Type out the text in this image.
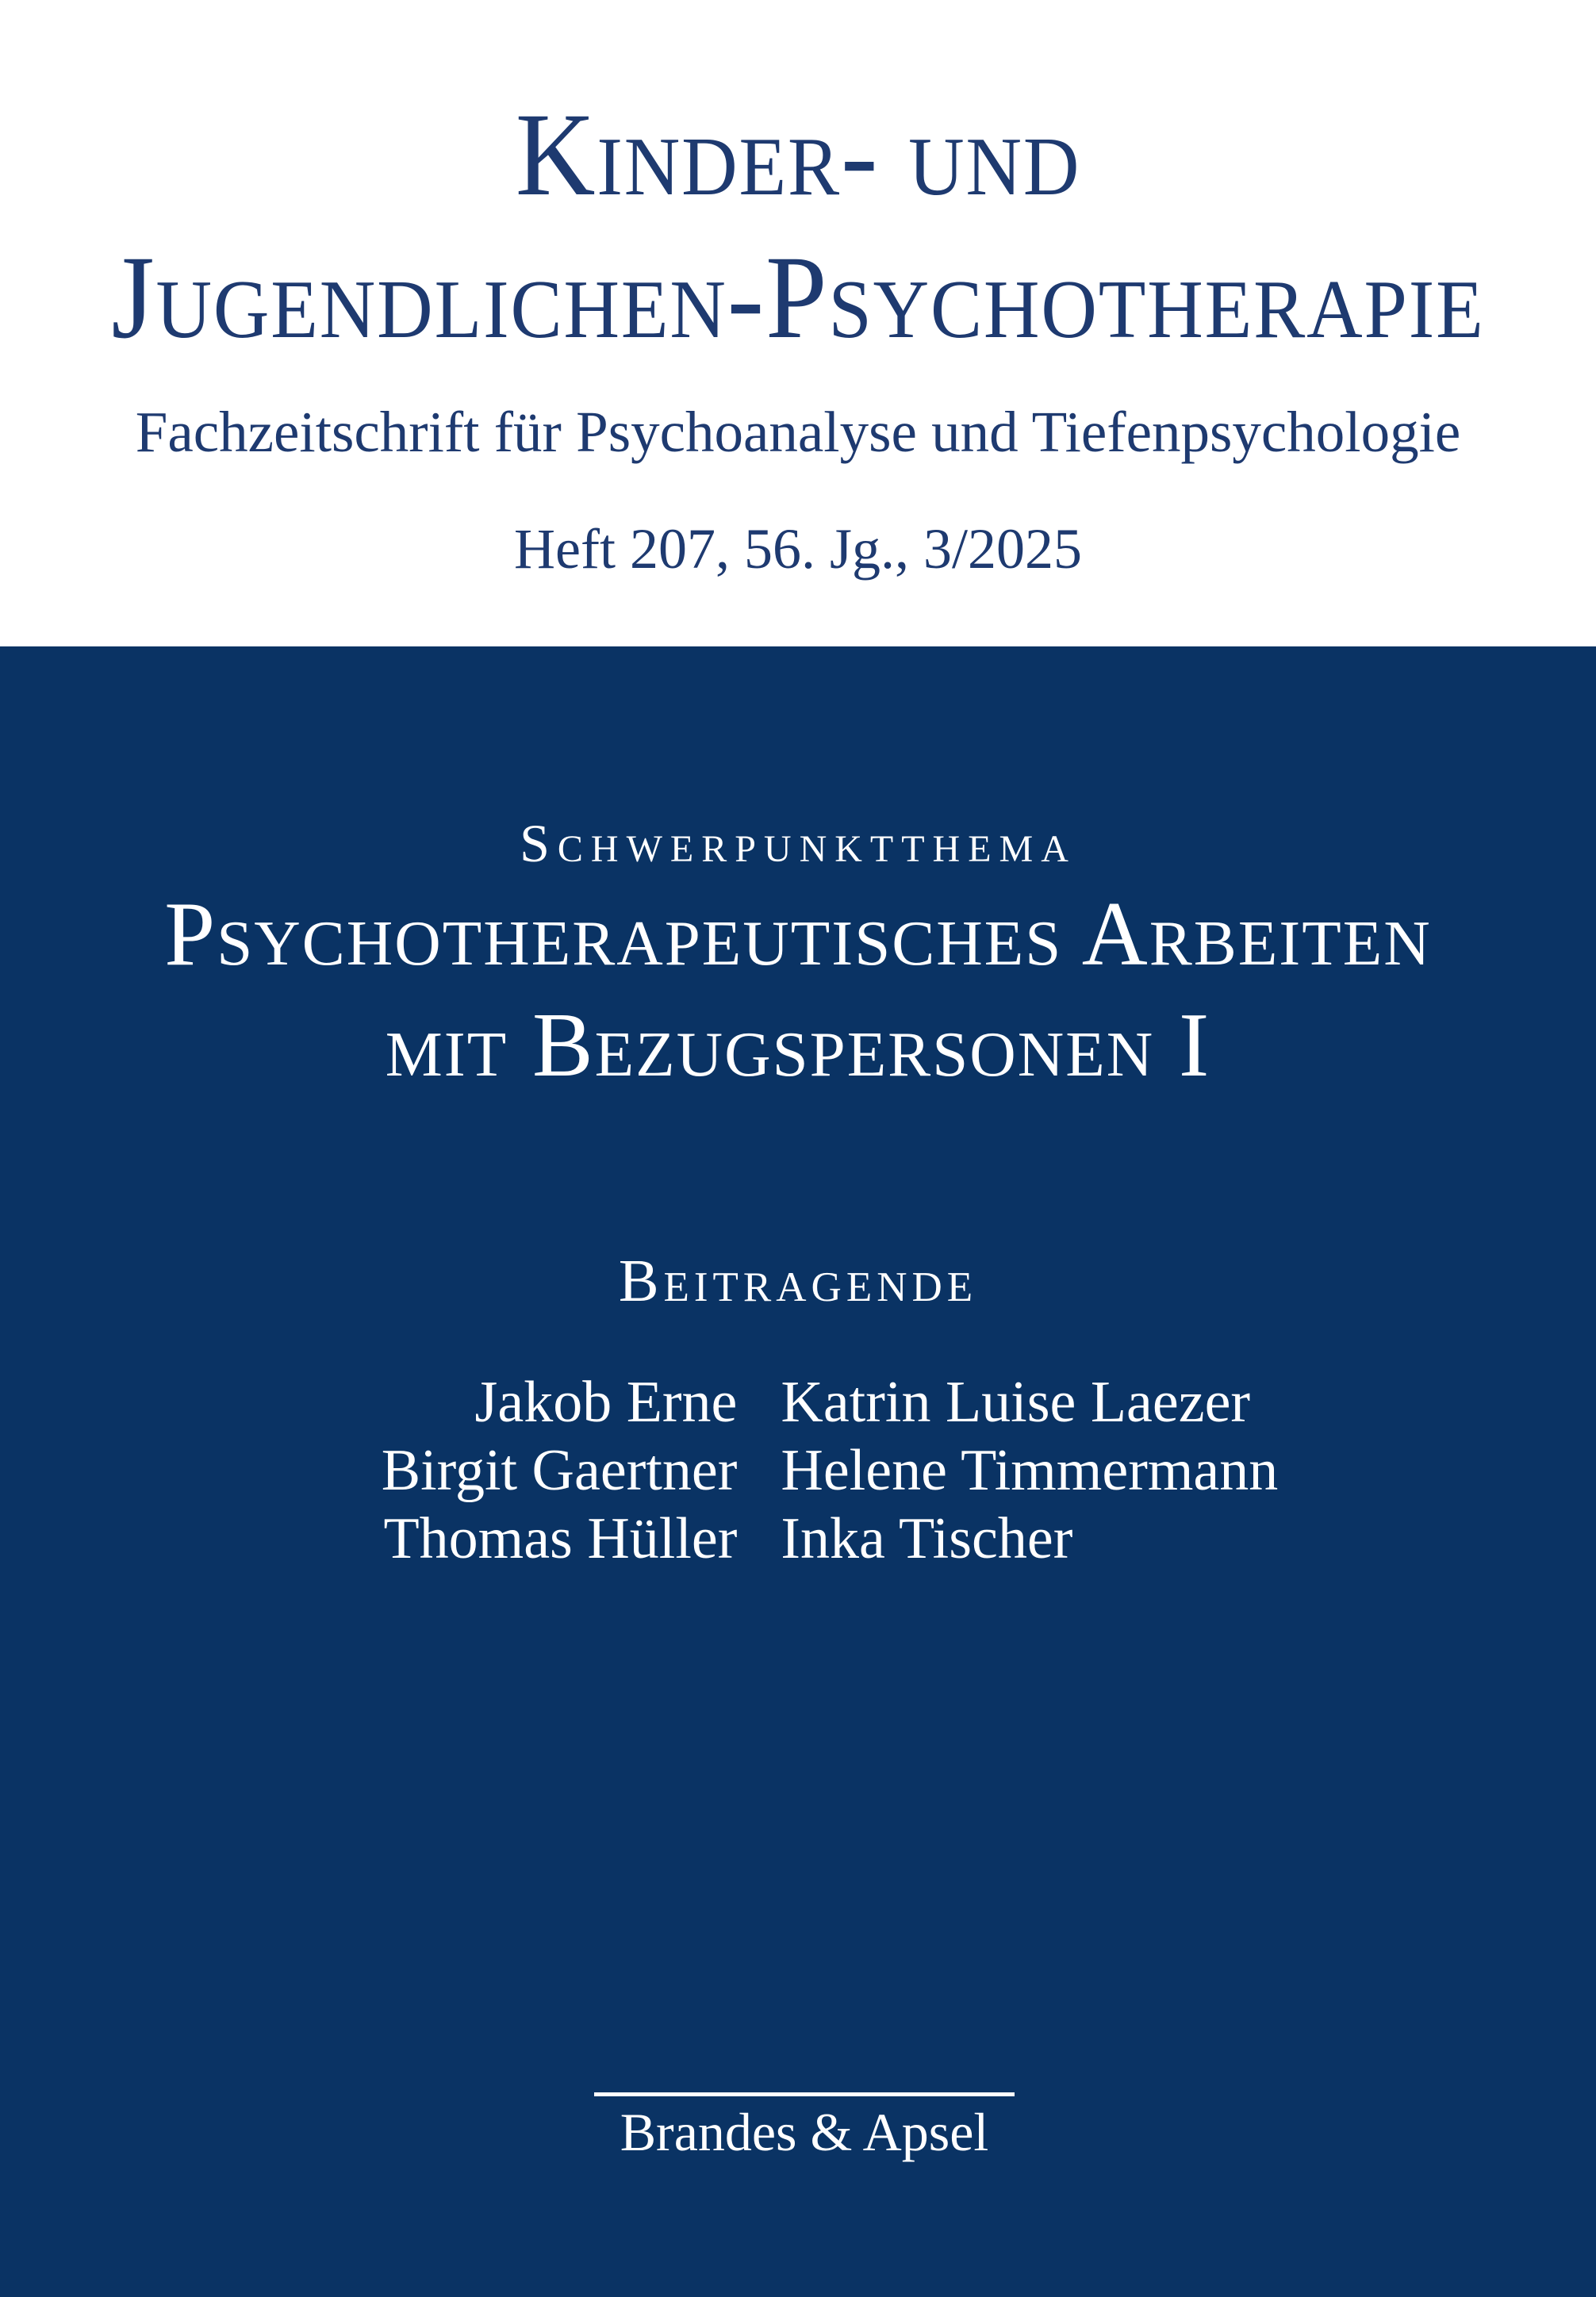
Kinder- und
Jugendlichen-Psychotherapie

Fachzeitschrift für Psychoanalyse und Tiefenpsychologie

Heft 207, 56. Jg., 3/2025

Schwerpunktthema

Psychotherapeutisches Arbeiten
mit Bezugspersonen I

Beitragende

Jakob Erne Katrin Luise Laezer
Birgit Gaertner Helene Timmermann
Thomas Hüller Inka Tischer

Brandes & Apsel
